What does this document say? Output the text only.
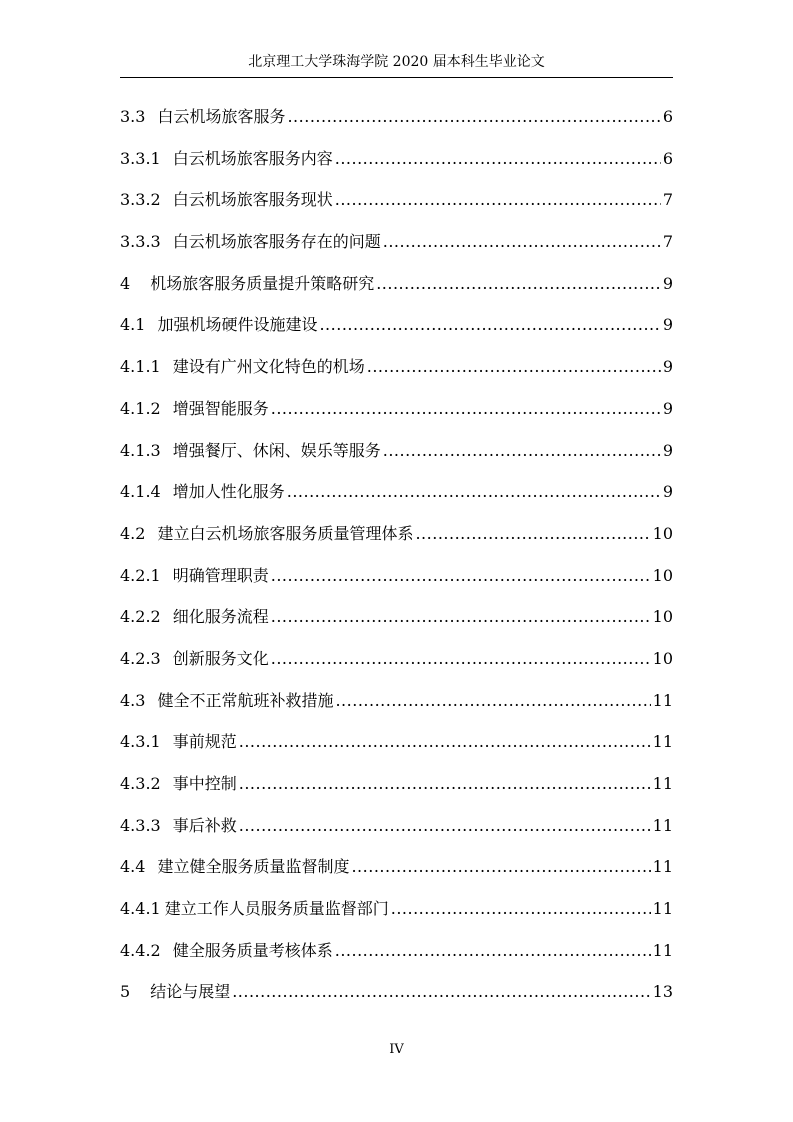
北京理工大学珠海学院 2020 届本科生毕业论文
3.3 白云机场旅客服务 .....	6
3.3.1 白云机场旅客服务内容 .....	6
3.3.2 白云机场旅客服务现状 .....	7
3.3.3 白云机场旅客服务存在的问题 .....	7
4 机场旅客服务质量提升策略研究 .....	9
4.1 加强机场硬件设施建设 .....	9
4.1.1 建设有广州文化特色的机场 .....	9
4.1.2 增强智能服务 .....	9
4.1.3 增强餐厅、休闲、娱乐等服务 .....	9
4.1.4 增加人性化服务 .....	9
4.2 建立白云机场旅客服务质量管理体系 .....	10
4.2.1 明确管理职责 .....	10
4.2.2 细化服务流程 .....	10
4.2.3 创新服务文化 .....	10
4.3 健全不正常航班补救措施 .....	11
4.3.1 事前规范 .....	11
4.3.2 事中控制 .....	11
4.3.3 事后补救 .....	11
4.4 建立健全服务质量监督制度 .....	11
4.4.1 建立工作人员服务质量监督部门 .....	11
4.4.2 健全服务质量考核体系 .....	11
5 结论与展望 .....	13
IV
